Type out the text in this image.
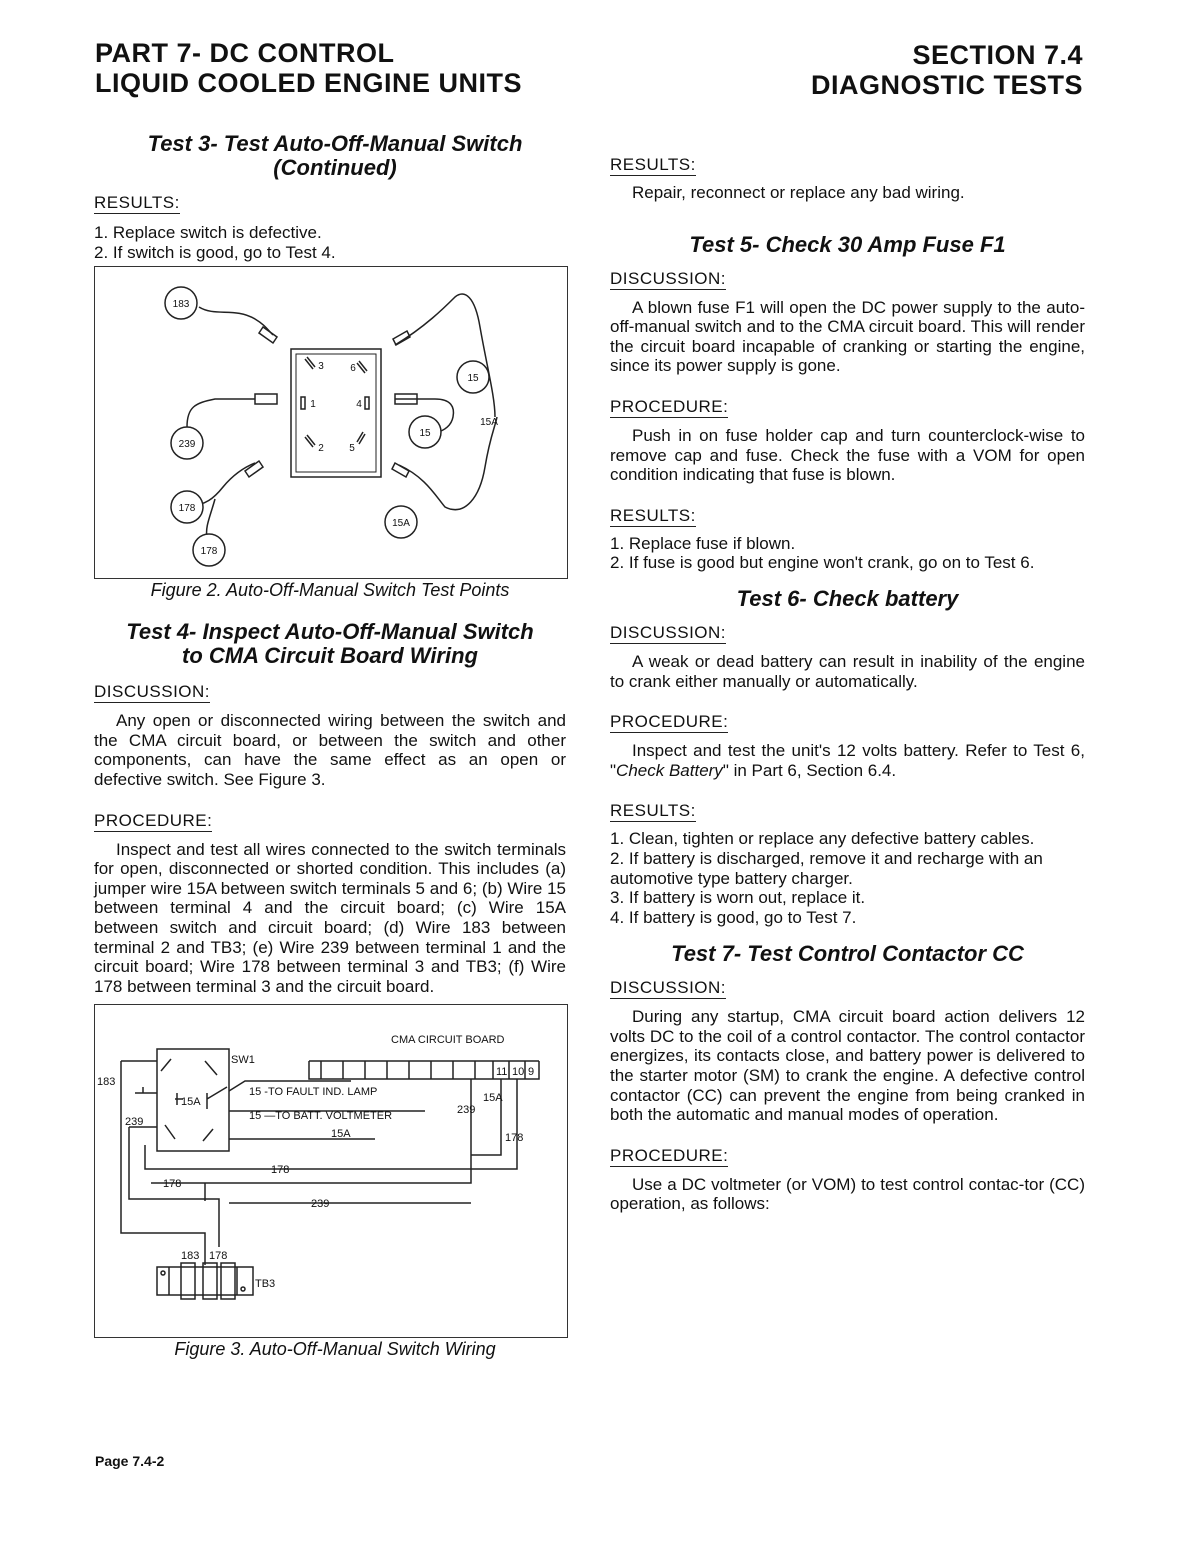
PART 7- DC CONTROL
LIQUID COOLED ENGINE UNITS
SECTION 7.4
DIAGNOSTIC TESTS
Test 3- Test Auto-Off-Manual Switch
(Continued)
RESULTS:
1. Replace switch is defective.
2. If switch is good, go to Test 4.
183
239
178
178
15
15
15A
15A
3	6
1	4
2	5
Figure 2. Auto-Off-Manual Switch Test Points
Test 4- Inspect Auto-Off-Manual Switch
to CMA Circuit Board Wiring
DISCUSSION:

Any open or disconnected wiring between the switch and the CMA circuit board, or between the switch and other components, can have the same effect as an open or defective switch. See Figure 3.

PROCEDURE:

Inspect and test all wires connected to the switch terminals for open, disconnected or shorted condition. This includes (a) jumper wire 15A between switch terminals 5 and 6; (b) Wire 15 between terminal 4 and the circuit board; (c) Wire 15A between switch and circuit board; (d) Wire 183 between terminal 2 and TB3; (e) Wire 239 between terminal 1 and the circuit board; Wire 178 between terminal 3 and TB3; (f) Wire 178 between terminal 3 and the circuit board.

CMA CIRCUIT BOARD
SW1
11 10 9
183
239
15A
15 -TO FAULT IND. LAMP
15 —TO BATT. VOLTMETER
15A
239
15A
178
178
178
239
183 178
TB3
Figure 3. Auto-Off-Manual Switch Wiring
RESULTS:

Repair, reconnect or replace any bad wiring.

Test 5- Check 30 Amp Fuse F1
DISCUSSION:

A blown fuse F1 will open the DC power supply to the auto-off-manual switch and to the CMA circuit board. This will render the circuit board incapable of cranking or starting the engine, since its power supply is gone.

PROCEDURE:

Push in on fuse holder cap and turn counterclock-wise to remove cap and fuse. Check the fuse with a VOM for open condition indicating that fuse is blown.

RESULTS:
1. Replace fuse if blown.
2. If fuse is good but engine won't crank, go on to Test 6.
Test 6- Check battery
DISCUSSION:

A weak or dead battery can result in inability of the engine to crank either manually or automatically.

PROCEDURE:

Inspect and test the unit's 12 volts battery. Refer to Test 6, "Check Battery" in Part 6, Section 6.4.

RESULTS:
1. Clean, tighten or replace any defective battery cables.
2. If battery is discharged, remove it and recharge with an automotive type battery charger.
3. If battery is worn out, replace it.
4. If battery is good, go to Test 7.
Test 7- Test Control Contactor CC
DISCUSSION:

During any startup, CMA circuit board action delivers 12 volts DC to the coil of a control contactor. The control contactor energizes, its contacts close, and battery power is delivered to the starter motor (SM) to crank the engine. A defective control contactor (CC) can prevent the engine from being cranked in both the automatic and manual modes of operation.

PROCEDURE:

Use a DC voltmeter (or VOM) to test control contac-tor (CC) operation, as follows:

Page 7.4-2
